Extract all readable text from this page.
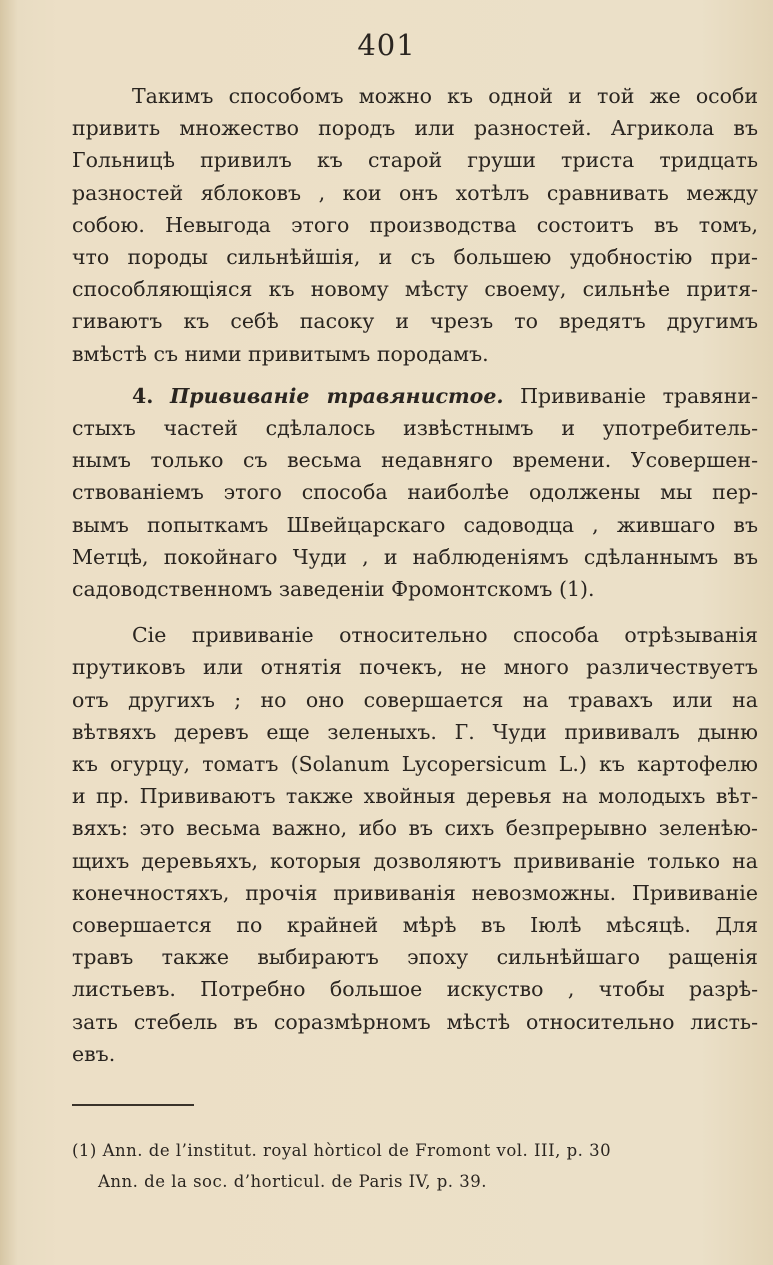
401
Такимъ способомъ можно къ одной и той же особи
привить множество породъ или разностей. Агрикола въ
Гольницѣ привилъ къ старой груши триста тридцать
разностей яблоковъ , кои онъ хотѣлъ сравнивать между
собою. Невыгода этого производства состоитъ въ томъ,
что породы сильнѣйшія, и съ большею удобностію при-
способляющіяся къ новому мѣсту своему, сильнѣе притя-
гиваютъ къ себѣ пасоку и чрезъ то вредятъ другимъ
вмѣстѣ съ ними привитымъ породамъ.
4. Прививаніе травянистое. Прививаніе травяни-
стыхъ частей сдѣлалось извѣстнымъ и употребитель-
нымъ только съ весьма недавняго времени. Усовершен-
ствованіемъ этого способа наиболѣе одолжены мы пер-
вымъ попыткамъ Швейцарскаго садоводца , жившаго въ
Метцѣ, покойнаго Чуди , и наблюденіямъ сдѣланнымъ въ
садоводственномъ заведеніи Фромонтскомъ (1).
Сіе прививаніе относительно способа отрѣзыванія
прутиковъ или отнятія почекъ, не много различествуетъ
отъ другихъ ; но оно совершается на травахъ или на
вѣтвяхъ деревъ еще зеленыхъ. Г. Чуди прививалъ дыню
къ огурцу, томатъ (Solanum Lycopersicum L.) къ картофелю
и пр. Прививаютъ также хвойныя деревья на молодыхъ вѣт-
вяхъ: это весьма важно, ибо въ сихъ безпрерывно зеленѣю-
щихъ деревьяхъ, которыя дозволяютъ прививаніе только на
конечностяхъ, прочія прививанія невозможны. Прививаніе
совершается по крайней мѣрѣ въ Іюлѣ мѣсяцѣ. Для
травъ также выбираютъ эпоху сильнѣйшаго ращенія
листьевъ. Потребно большое искуство , чтобы разрѣ-
зать стебель въ соразмѣрномъ мѣстѣ относительно листь-
евъ.
(1) Ann. de l’institut. royal hòrticol de Fromont vol. III, p. 30
Ann. de la soc. d’horticul. de Paris IV, p. 39.
